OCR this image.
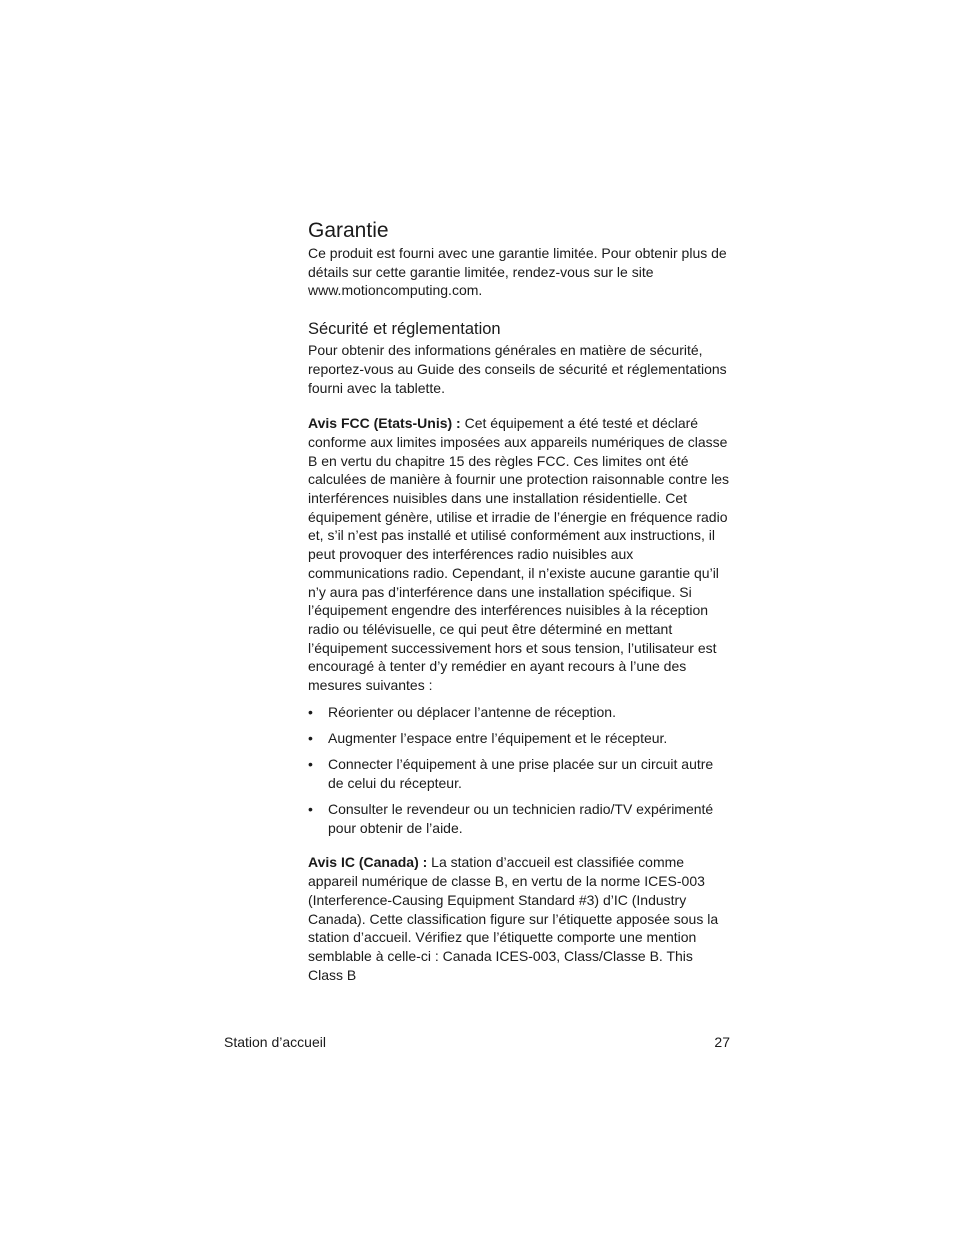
Garantie

Ce produit est fourni avec une garantie limitée. Pour obtenir plus de détails sur cette garantie limitée, rendez-vous sur le site www.motioncomputing.com.

Sécurité et réglementation

Pour obtenir des informations générales en matière de sécurité, reportez-vous au Guide des conseils de sécurité et réglementations fourni avec la tablette.

Avis FCC (Etats-Unis) : Cet équipement a été testé et déclaré conforme aux limites imposées aux appareils numériques de classe B en vertu du chapitre 15 des règles FCC. Ces limites ont été calculées de manière à fournir une protection raisonnable contre les interférences nuisibles dans une installation résidentielle. Cet équipement génère, utilise et irradie de l’énergie en fréquence radio et, s’il n’est pas installé et utilisé conformément aux instructions, il peut provoquer des interférences radio nuisibles aux communications radio. Cependant, il n’existe aucune garantie qu’il n’y aura pas d’interférence dans une installation spécifique. Si l’équipement engendre des interférences nuisibles à la réception radio ou télévisuelle, ce qui peut être déterminé en mettant l’équipement successivement hors et sous tension, l’utilisateur est encouragé à tenter d’y remédier en ayant recours à l’une des mesures suivantes :

• Réorienter ou déplacer l’antenne de réception.
• Augmenter l’espace entre l’équipement et le récepteur.
• Connecter l’équipement à une prise placée sur un circuit autre de celui du récepteur.
• Consulter le revendeur ou un technicien radio/TV expérimenté pour obtenir de l’aide.

Avis IC (Canada) : La station d’accueil est classifiée comme appareil numérique de classe B, en vertu de la norme ICES-003 (Interference-Causing Equipment Standard #3) d’IC (Industry Canada). Cette classification figure sur l’étiquette apposée sous la station d’accueil. Vérifiez que l’étiquette comporte une mention semblable à celle-ci : Canada ICES-003, Class/Classe B. This Class B

Station d’accueil	27
